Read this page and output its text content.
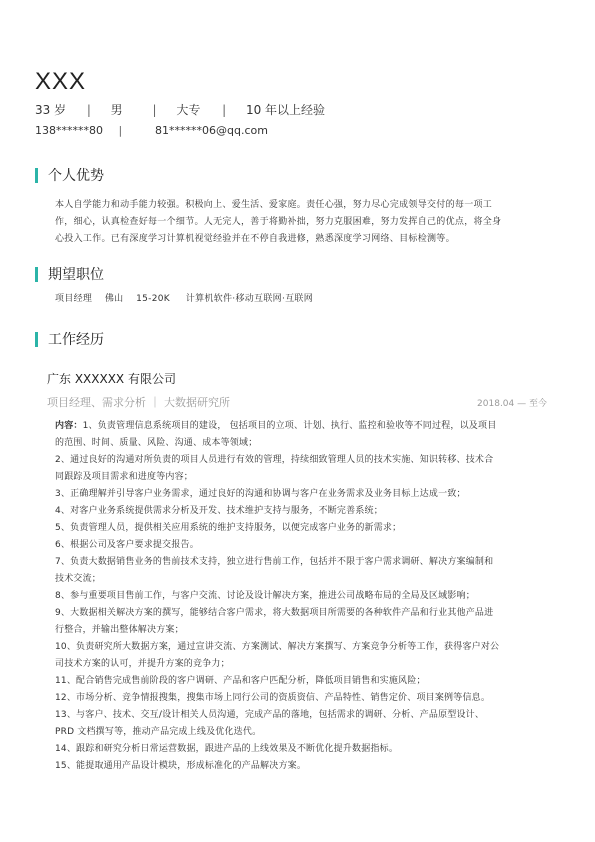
XXX
33 岁 | 男 | 大专 | 10 年以上经验
138******80 |	81******06@qq.com
个人优势
本人自学能力和动手能力较强。积极向上、爱生活、爱家庭。责任心强，努力尽心完成领导交付的每一项工
作，细心，认真检查好每一个细节。人无完人，善于将勤补拙，努力克服困难，努力发挥自己的优点，将全身
心投入工作。已有深度学习计算机视觉经验并在不停自我进修，熟悉深度学习网络、目标检测等。
期望职位
项目经理 佛山 15-20K 计算机软件·移动互联网·互联网
工作经历
广东 XXXXXX 有限公司
项目经理、需求分析 ｜ 大数据研究所	2018.04 — 至今
内容：1、负责管理信息系统项目的建设， 包括项目的立项、计划、执行、监控和验收等不同过程，以及项目
的范围、时间、质量、风险、沟通、成本等领域；
2、通过良好的沟通对所负责的项目人员进行有效的管理，持续细致管理人员的技术实施、知识转移、技术合
同跟踪及项目需求和进度等内容；
3、正确理解并引导客户业务需求，通过良好的沟通和协调与客户在业务需求及业务目标上达成一致；
4、对客户业务系统提供需求分析及开发、技术维护支持与服务，不断完善系统；
5、负责管理人员，提供相关应用系统的维护支持服务，以便完成客户业务的新需求；
6、根据公司及客户要求提交报告。
7、负责大数据销售业务的售前技术支持，独立进行售前工作，包括并不限于客户需求调研、解决方案编制和
技术交流；
8、参与重要项目售前工作，与客户交流、讨论及设计解决方案，推进公司战略布局的全局及区域影响；
9、大数据相关解决方案的撰写，能够结合客户需求，将大数据项目所需要的各种软件产品和行业其他产品进
行整合，并输出整体解决方案；
10、负责研究所大数据方案，通过宣讲交流、方案测试、解决方案撰写、方案竞争分析等工作，获得客户对公
司技术方案的认可，并提升方案的竞争力；
11、配合销售完成售前阶段的客户调研、产品和客户匹配分析，降低项目销售和实施风险；
12、市场分析、竞争情报搜集，搜集市场上同行公司的资质资信、产品特性、销售定价、项目案例等信息。
13、与客户、技术、交互/设计相关人员沟通，完成产品的落地，包括需求的调研、分析、产品原型设计、
PRD 文档撰写等，推动产品完成上线及优化迭代。
14、跟踪和研究分析日常运营数据，跟进产品的上线效果及不断优化提升数据指标。
15、能提取通用产品设计模块，形成标准化的产品解决方案。
